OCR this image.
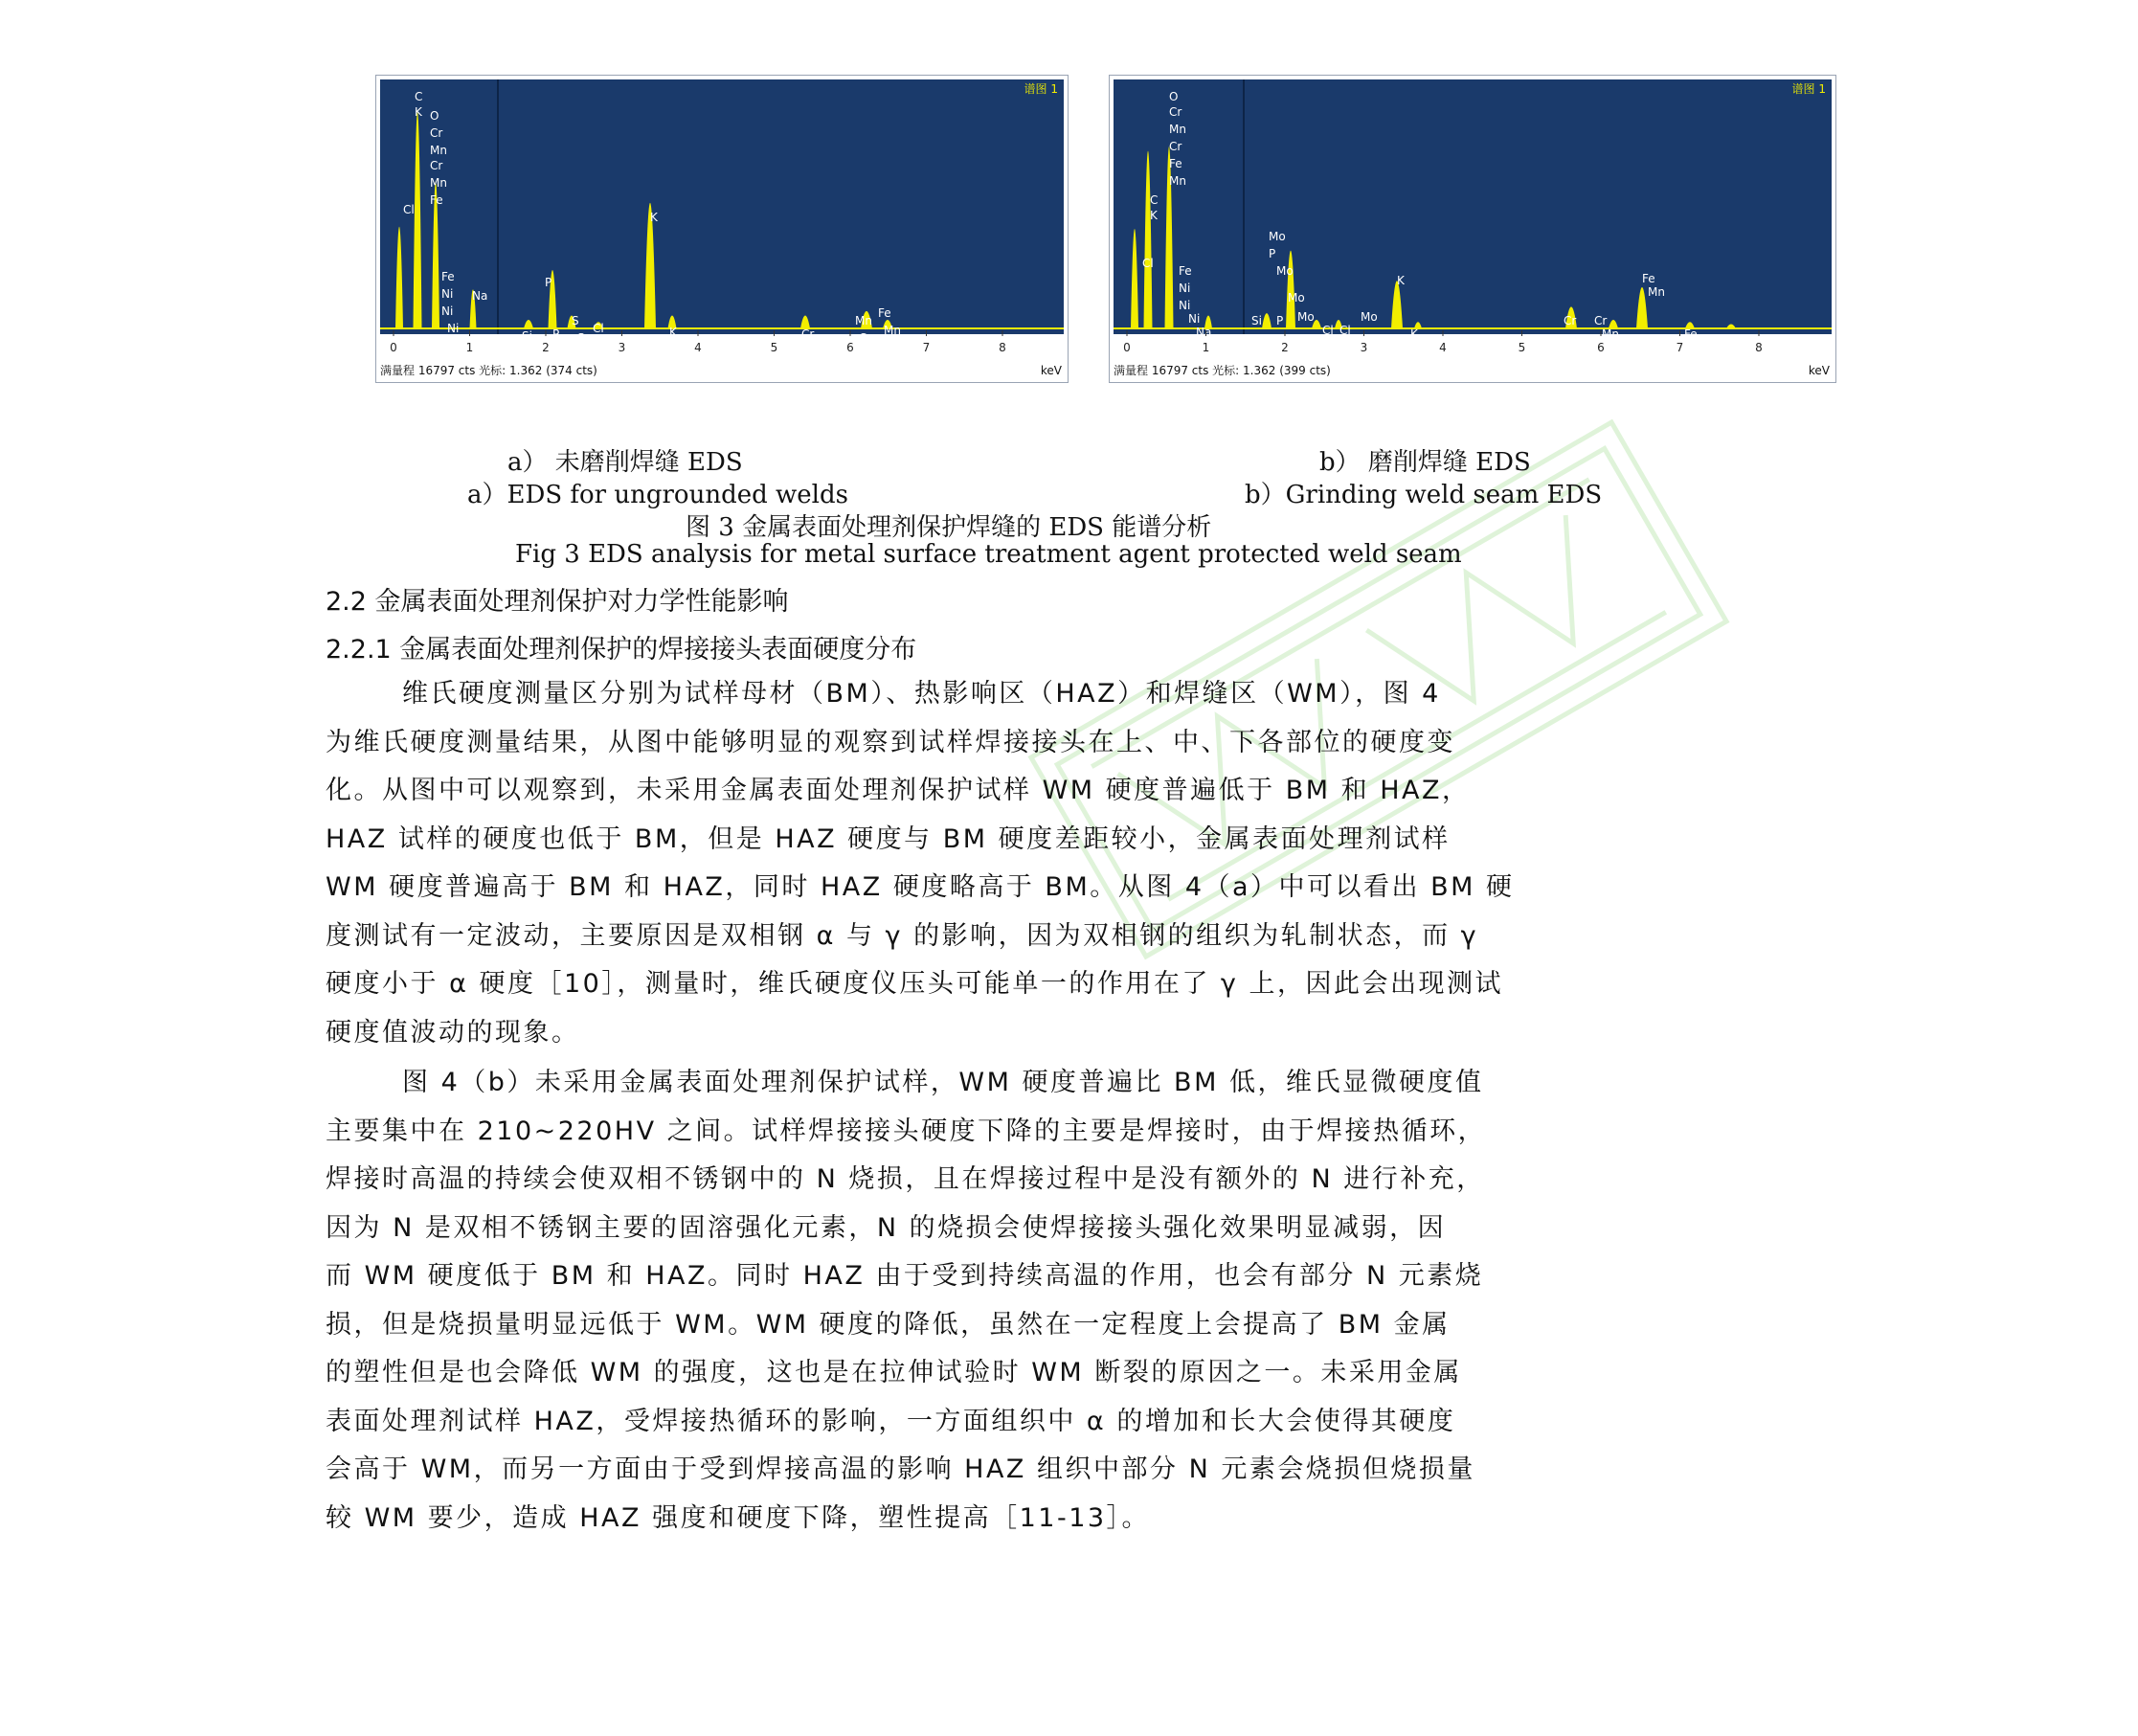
C
K O
Cr
Mn
Cr
Mn
Fe
Cl
Fe
Ni
Ni
Ni
Na
Si
P
P
S
S
Cl
Cl
K
K	Cr
Mn
Cr
Fe
Mn
Fe Ni	Ni
谱图 1
0	1	2	3	4	5	6	7	8
满量程 16797 cts 光标: 1.362 (374 cts)	keV
O
Cr
Mn
Cr
Fe
Mn
C
K
Cl
Fe
Ni
Ni
Ni
Na
Mo
P
Mo
Si P
Mo
Mo	Mo
Cl Cl
K
K
Cr Cr
Mn
Fe
Mn
Fe Ni	Ni
谱图 1
0	1	2	3	4	5	6	7	8
满量程 16797 cts 光标: 1.362 (399 cts)	keV
a） 未磨削焊缝 EDS	b） 磨削焊缝 EDS
a）EDS for ungrounded welds	b）Grinding weld seam EDS
图 3 金属表面处理剂保护焊缝的 EDS 能谱分析
Fig 3 EDS analysis for metal surface treatment agent protected weld seam
2.2 金属表面处理剂保护对力学性能影响
2.2.1 金属表面处理剂保护的焊接接头表面硬度分布
维氏硬度测量区分别为试样母材（BM）、热影响区（HAZ）和焊缝区（WM），图 4
为维氏硬度测量结果，从图中能够明显的观察到试样焊接接头在上、中、下各部位的硬度变
化。从图中可以观察到，未采用金属表面处理剂保护试样 WM 硬度普遍低于 BM 和 HAZ，
HAZ 试样的硬度也低于 BM，但是 HAZ 硬度与 BM 硬度差距较小，金属表面处理剂试样
WM 硬度普遍高于 BM 和 HAZ，同时 HAZ 硬度略高于 BM。从图 4（a）中可以看出 BM 硬
度测试有一定波动，主要原因是双相钢 α 与 γ 的影响，因为双相钢的组织为轧制状态，而 γ
硬度小于 α 硬度［10］，测量时，维氏硬度仪压头可能单一的作用在了 γ 上，因此会出现测试
硬度值波动的现象。
图 4（b）未采用金属表面处理剂保护试样，WM 硬度普遍比 BM 低，维氏显微硬度值
主要集中在 210~220HV 之间。试样焊接接头硬度下降的主要是焊接时，由于焊接热循环，
焊接时高温的持续会使双相不锈钢中的 N 烧损，且在焊接过程中是没有额外的 N 进行补充，
因为 N 是双相不锈钢主要的固溶强化元素，N 的烧损会使焊接接头强化效果明显减弱，因
而 WM 硬度低于 BM 和 HAZ。同时 HAZ 由于受到持续高温的作用，也会有部分 N 元素烧
损，但是烧损量明显远低于 WM。WM 硬度的降低，虽然在一定程度上会提高了 BM 金属
的塑性但是也会降低 WM 的强度，这也是在拉伸试验时 WM 断裂的原因之一。未采用金属
表面处理剂试样 HAZ，受焊接热循环的影响，一方面组织中 α 的增加和长大会使得其硬度
会高于 WM，而另一方面由于受到焊接高温的影响 HAZ 组织中部分 N 元素会烧损但烧损量
较 WM 要少，造成 HAZ 强度和硬度下降，塑性提高［11-13］。
